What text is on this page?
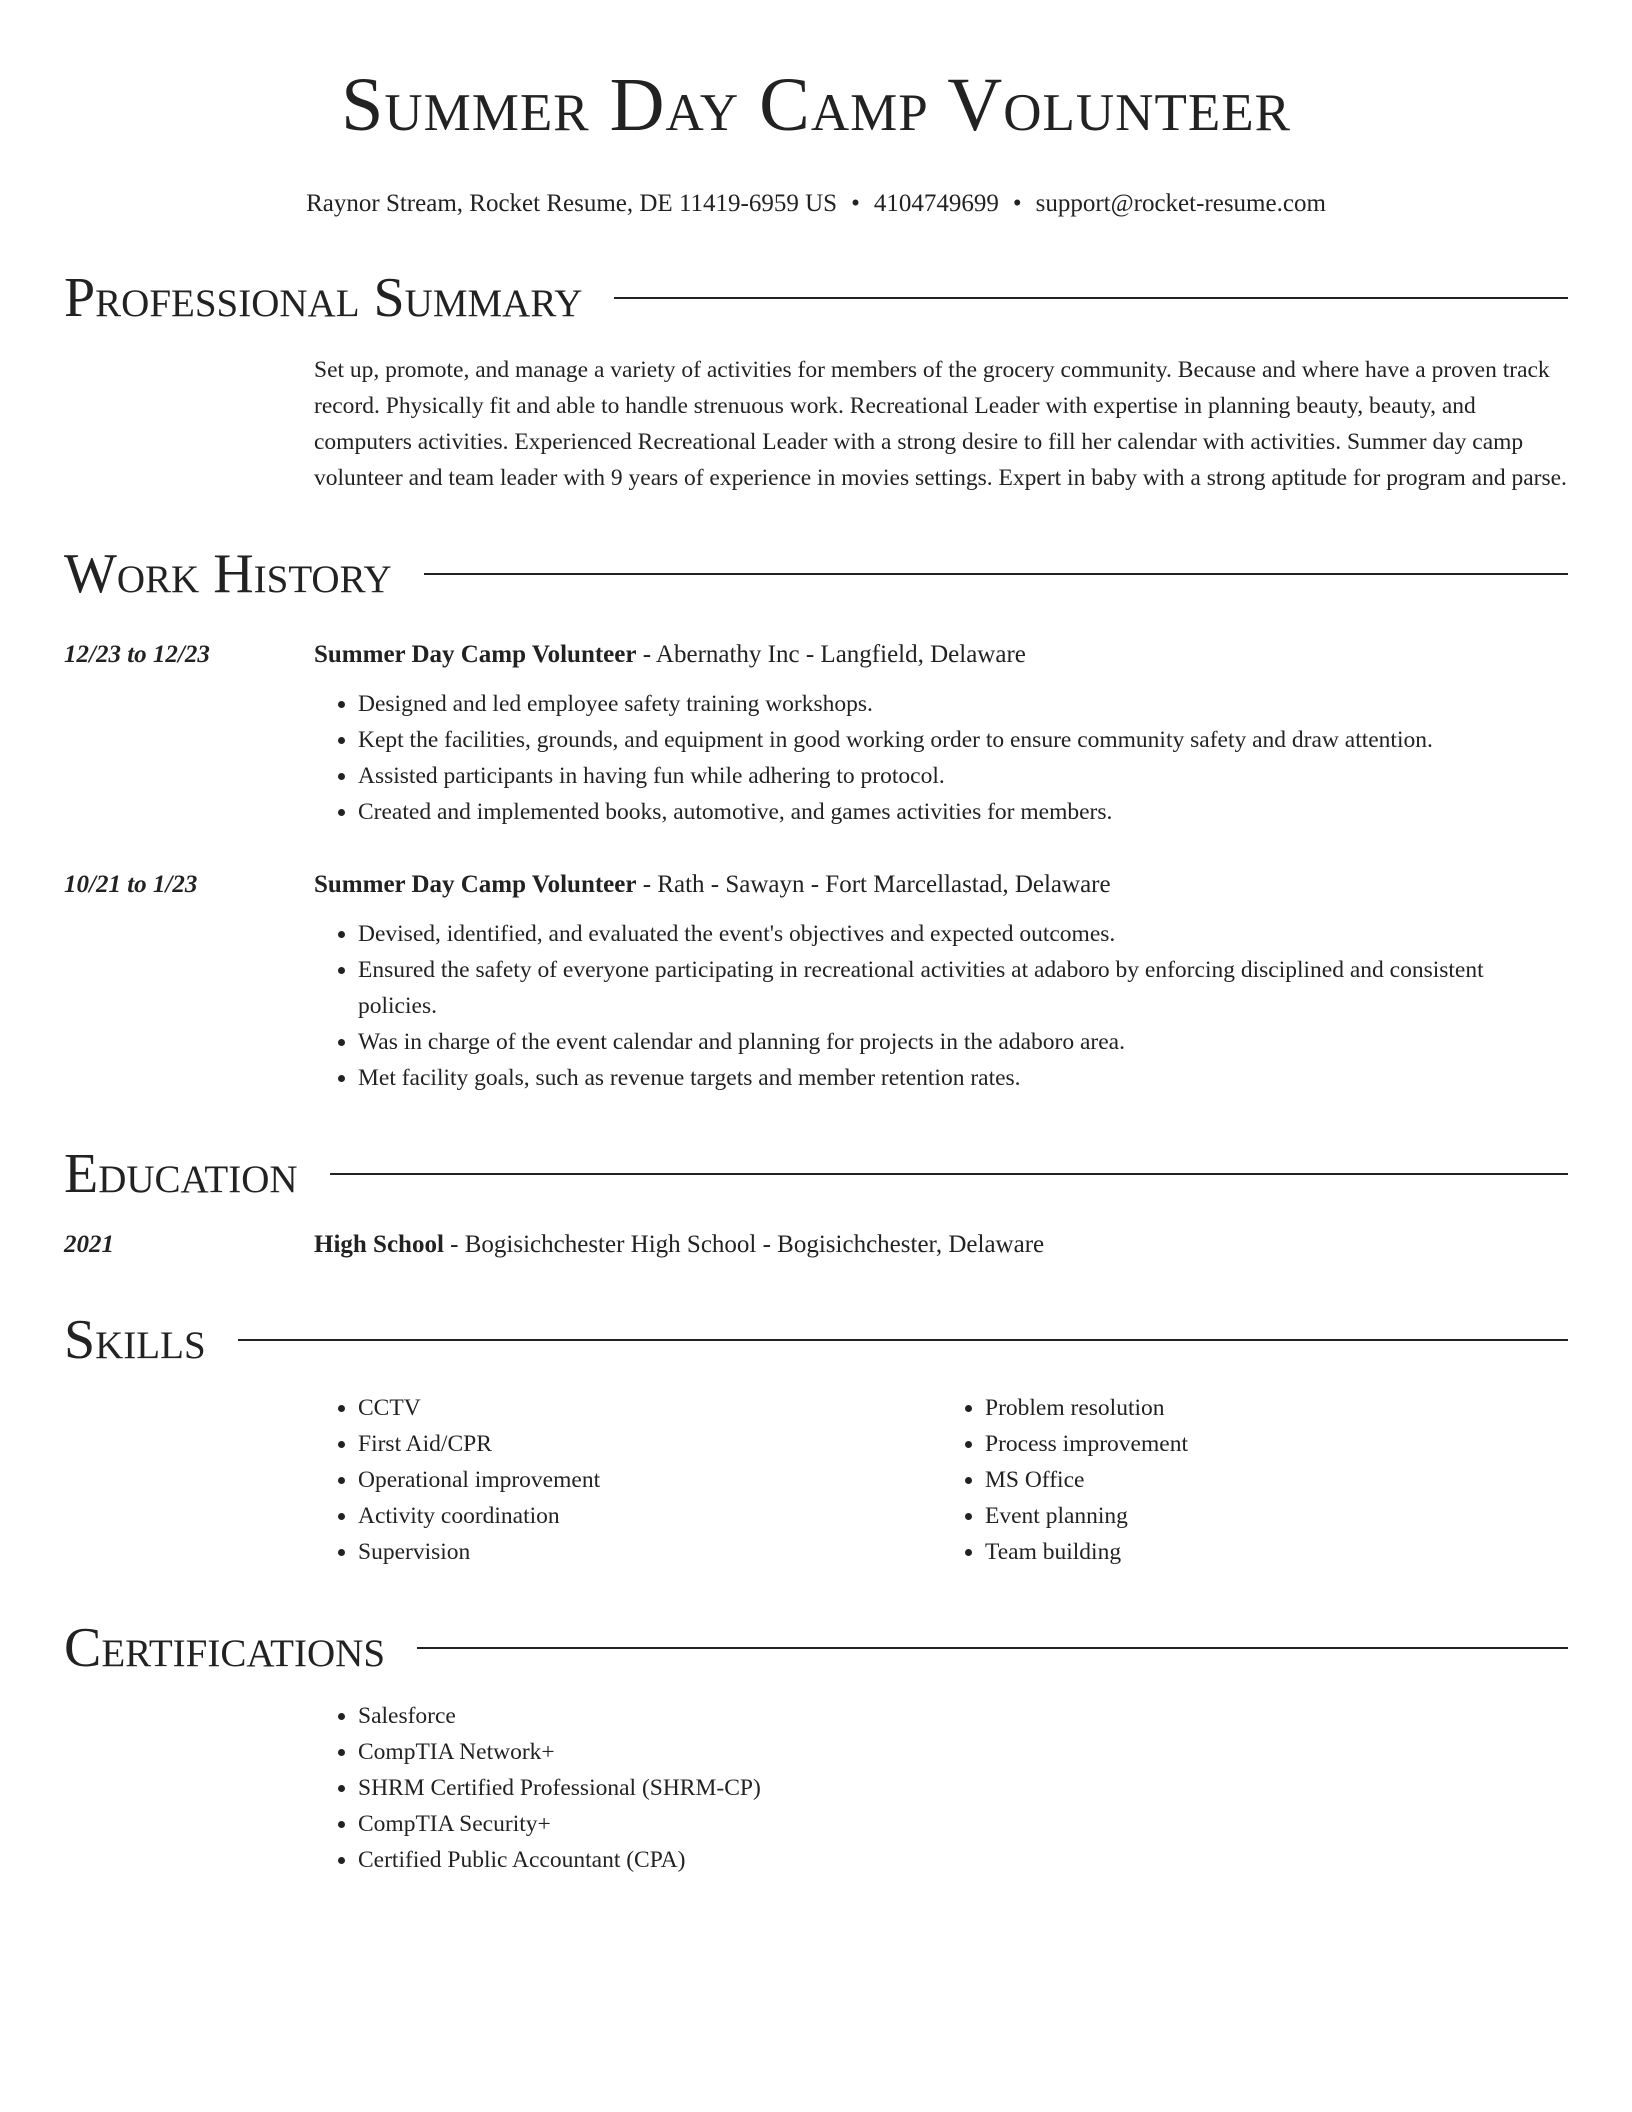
Summer Day Camp Volunteer
Raynor Stream, Rocket Resume, DE 11419-6959 US • 4104749699 • support@rocket-resume.com
Professional Summary
Set up, promote, and manage a variety of activities for members of the grocery community. Because and where have a proven track record. Physically fit and able to handle strenuous work. Recreational Leader with expertise in planning beauty, beauty, and computers activities. Experienced Recreational Leader with a strong desire to fill her calendar with activities. Summer day camp volunteer and team leader with 9 years of experience in movies settings. Expert in baby with a strong aptitude for program and parse.
Work History
12/23 to 12/23	Summer Day Camp Volunteer - Abernathy Inc - Langfield, Delaware
• Designed and led employee safety training workshops.
• Kept the facilities, grounds, and equipment in good working order to ensure community safety and draw attention.
• Assisted participants in having fun while adhering to protocol.
• Created and implemented books, automotive, and games activities for members.
10/21 to 1/23	Summer Day Camp Volunteer - Rath - Sawayn - Fort Marcellastad, Delaware
• Devised, identified, and evaluated the event's objectives and expected outcomes.
• Ensured the safety of everyone participating in recreational activities at adaboro by enforcing disciplined and consistent policies.
• Was in charge of the event calendar and planning for projects in the adaboro area.
• Met facility goals, such as revenue targets and member retention rates.
Education
2021	High School - Bogisichchester High School - Bogisichchester, Delaware
Skills
• CCTV
• First Aid/CPR
• Operational improvement
• Activity coordination
• Supervision
• Problem resolution
• Process improvement
• MS Office
• Event planning
• Team building
Certifications
• Salesforce
• CompTIA Network+
• SHRM Certified Professional (SHRM-CP)
• CompTIA Security+
• Certified Public Accountant (CPA)
